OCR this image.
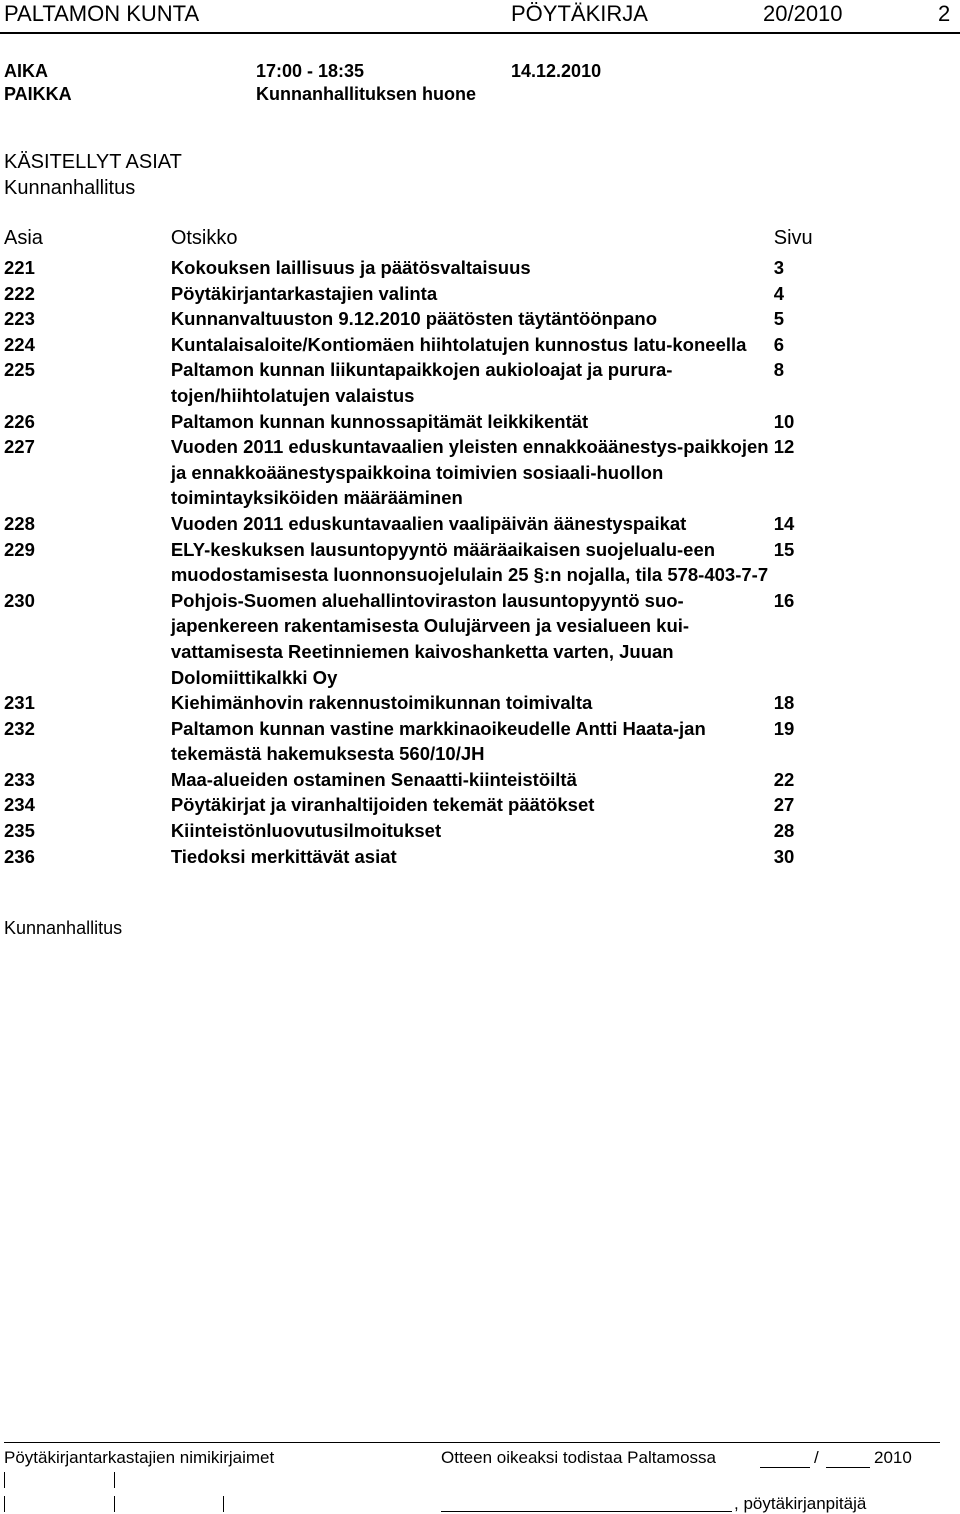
PALTAMON KUNTA	PÖYTÄKIRJA	20/2010	2
AIKA	17:00 - 18:35	14.12.2010
PAIKKA	Kunnanhallituksen huone
KÄSITELLYT ASIAT
Kunnanhallitus
Asia	Otsikko	Sivu
221	Kokouksen laillisuus ja päätösvaltaisuus	3
222	Pöytäkirjantarkastajien valinta	4
223	Kunnanvaltuuston 9.12.2010 päätösten täytäntöönpano	5
224	Kuntalaisaloite/Kontiomäen hiihtolatujen kunnostus latu-koneella	6
225	Paltamon kunnan liikuntapaikkojen aukioloajat ja purura-tojen/hiihtolatujen valaistus	8
226	Paltamon kunnan kunnossapitämät leikkikentät	10
227	Vuoden 2011 eduskuntavaalien yleisten ennakkoäänestys-paikkojen ja ennakkoäänestyspaikkoina toimivien sosiaali-huollon toimintayksiköiden määrääminen	12
228	Vuoden 2011 eduskuntavaalien vaalipäivän äänestyspaikat	14
229	ELY-keskuksen lausuntopyyntö määräaikaisen suojelualu-een muodostamisesta luonnonsuojelulain 25 §:n nojalla, tila 578-403-7-7	15
230	Pohjois-Suomen aluehallintoviraston lausuntopyyntö suo-japenkereen rakentamisesta Oulujärveen ja vesialueen kui-vattamisesta Reetinniemen kaivoshanketta varten, Juuan Dolomiittikalkki Oy	16
231	Kiehimänhovin rakennustoimikunnan toimivalta	18
232	Paltamon kunnan vastine markkinaoikeudelle Antti Haata-jan tekemästä hakemuksesta 560/10/JH	19
233	Maa-alueiden ostaminen Senaatti-kiinteistöiltä	22
234	Pöytäkirjat ja viranhaltijoiden tekemät päätökset	27
235	Kiinteistönluovutusilmoitukset	28
236	Tiedoksi merkittävät asiat	30
Kunnanhallitus
Pöytäkirjantarkastajien nimikirjaimet	Otteen oikeaksi todistaa Paltamossa	/	2010
, pöytäkirjanpitäjä
